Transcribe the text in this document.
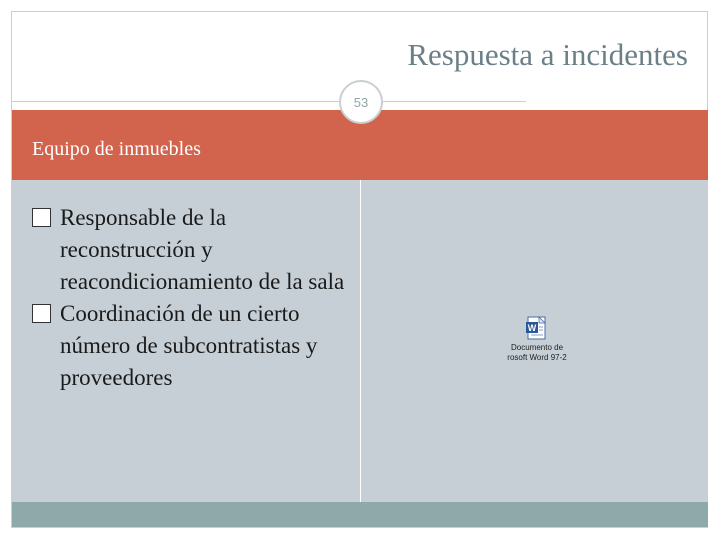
Respuesta a incidentes
53
Equipo de inmuebles

Responsable de la reconstrucción y reacondicionamiento de la sala

Coordinación de un cierto número de subcontratistas y proveedores

W
Documento de
rosoft Word 97-2
